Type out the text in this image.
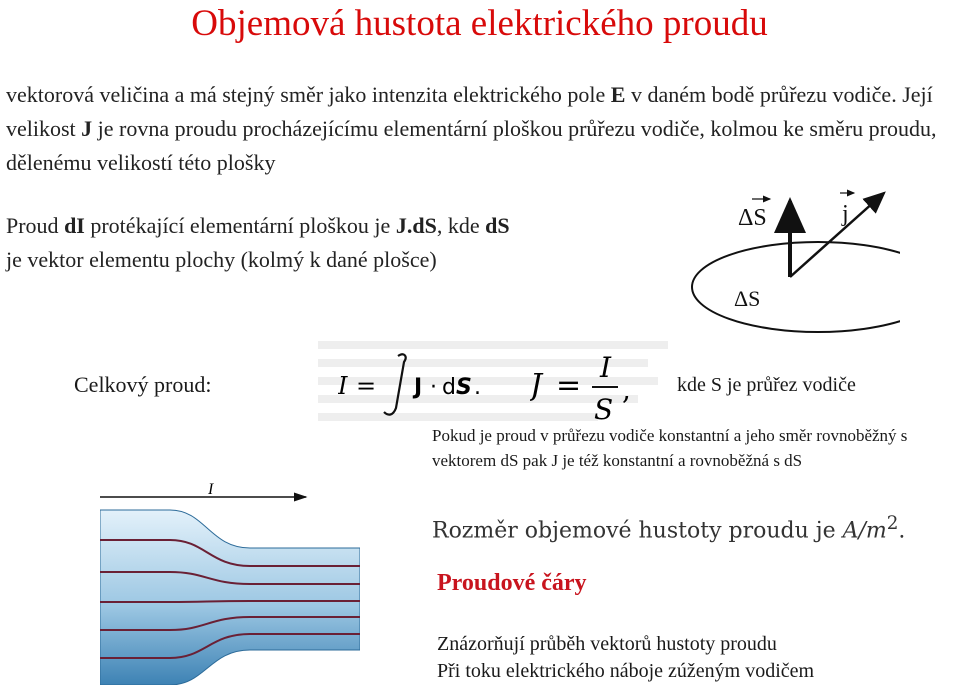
Objemová hustota elektrického proudu
vektorová veličina a má stejný směr jako intenzita elektrického pole E v daném bodě průřezu vodiče. Její velikost J je rovna proudu procházejícímu elementární ploškou průřezu vodiče, kolmou ke směru proudu, dělenému velikostí této plošky
Proud dI protékající elementární ploškou je J.dS, kde dS je vektor elementu plochy (kolmý k dané plošce)
ΔS	j
ΔS
Celkový proud:	I = J · d S . J =
I
S
, kde S je průřez vodiče
Pokud je proud v průřezu vodiče konstantní a jeho směr rovnoběžný s vektorem dS pak J je též konstantní a rovnoběžná s dS
Rozměr objemové hustoty proudu je $A/m^2$.
Proudové čáry
Znázorňují průběh vektorů hustoty proudu
Při toku elektrického náboje zúženým vodičem
I
